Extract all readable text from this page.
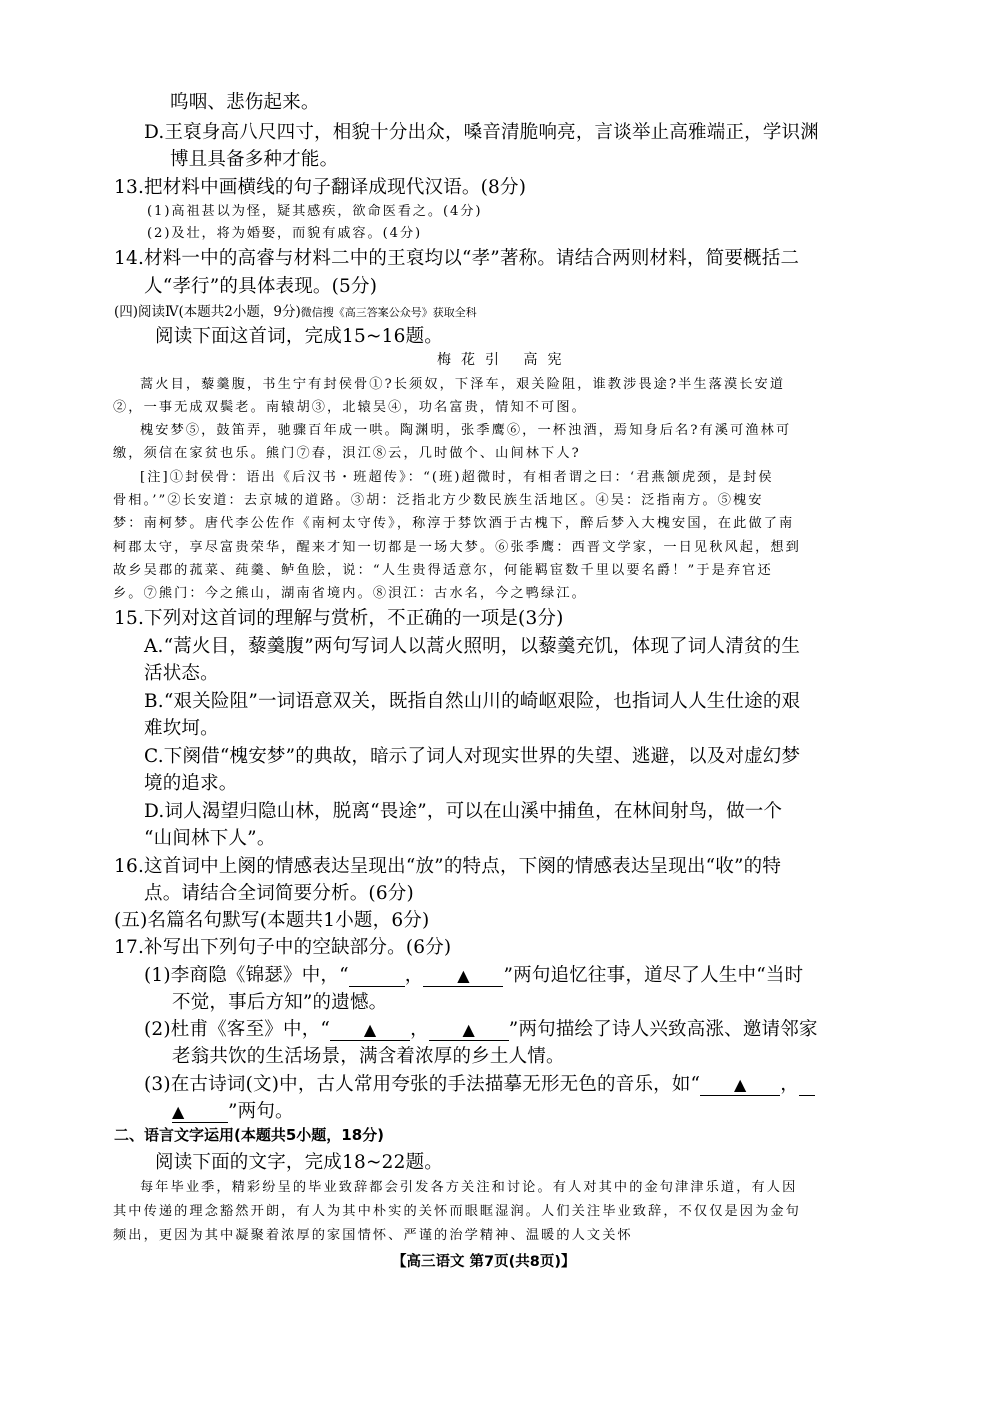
呜咽、悲伤起来。
D.王裒身高八尺四寸，相貌十分出众，嗓音清脆响亮，言谈举止高雅端正，学识渊
博且具备多种才能。
13.把材料中画横线的句子翻译成现代汉语。(8分)
(1)高祖甚以为怪，疑其感疾，欲命医看之。(4分)
(2)及壮，将为婚娶，而貌有戚容。(4分)
14.材料一中的高睿与材料二中的王裒均以“孝”著称。请结合两则材料，简要概括二
人“孝行”的具体表现。(5分)
(四)阅读Ⅳ(本题共2小题，9分)微信搜《高三答案公众号》获取全科
阅读下面这首词，完成15~16题。
梅花引 高宪
蒿火目，藜羹腹，书生宁有封侯骨①?长须奴，下泽车，艰关险阻，谁教涉畏途?半生落漠长安道
②，一事无成双鬓老。南辕胡③，北辕吴④，功名富贵，情知不可图。
槐安梦⑤，鼓笛弄，驰骤百年成一哄。陶渊明，张季鹰⑥，一杯浊酒，焉知身后名?有溪可渔林可
缴，须信在家贫也乐。熊门⑦春，浿江⑧云，几时做个、山间林下人?
[注]①封侯骨：语出《后汉书・班超传》：“(班)超微时，有相者谓之曰：‘君燕颔虎颈，是封侯
骨相。’”②长安道：去京城的道路。③胡：泛指北方少数民族生活地区。④吴：泛指南方。⑤槐安
梦：南柯梦。唐代李公佐作《南柯太守传》，称淳于棼饮酒于古槐下，醉后梦入大槐安国，在此做了南
柯郡太守，享尽富贵荣华，醒来才知一切都是一场大梦。⑥张季鹰：西晋文学家，一日见秋风起，想到
故乡吴郡的菰菜、莼羹、鲈鱼脍，说：“人生贵得适意尔，何能羁宦数千里以要名爵！”于是弃官还
乡。⑦熊门：今之熊山，湖南省境内。⑧浿江：古水名，今之鸭绿江。
15.下列对这首词的理解与赏析，不正确的一项是(3分)
A.“蒿火目，藜羹腹”两句写词人以蒿火照明，以藜羹充饥，体现了词人清贫的生
活状态。
B.“艰关险阻”一词语意双关，既指自然山川的崎岖艰险，也指词人人生仕途的艰
难坎坷。
C.下阕借“槐安梦”的典故，暗示了词人对现实世界的失望、逃避，以及对虚幻梦
境的追求。
D.词人渴望归隐山林，脱离“畏途”，可以在山溪中捕鱼，在林间射鸟，做一个
“山间林下人”。
16.这首词中上阕的情感表达呈现出“放”的特点，下阕的情感表达呈现出“收”的特
点。请结合全词简要分析。(6分)
(五)名篇名句默写(本题共1小题，6分)
17.补写出下列句子中的空缺部分。(6分)
(1)李商隐《锦瑟》中，“	， ▲ ”两句追忆往事，道尽了人生中“当时
不觉，事后方知”的遗憾。
(2)杜甫《客至》中，“ ▲ ， ▲ ”两句描绘了诗人兴致高涨、邀请邻家
老翁共饮的生活场景，满含着浓厚的乡土人情。
(3)在古诗词(文)中，古人常用夸张的手法描摹无形无色的音乐，如“ ▲ ，
▲ ”两句。
二、语言文字运用(本题共5小题，18分)
阅读下面的文字，完成18~22题。
每年毕业季，精彩纷呈的毕业致辞都会引发各方关注和讨论。有人对其中的金句津津乐道，有人因
其中传递的理念豁然开朗，有人为其中朴实的关怀而眼眶湿润。人们关注毕业致辞，不仅仅是因为金句
频出，更因为其中凝聚着浓厚的家国情怀、严谨的治学精神、温暖的人文关怀
【高三语文 第7页(共8页)】
